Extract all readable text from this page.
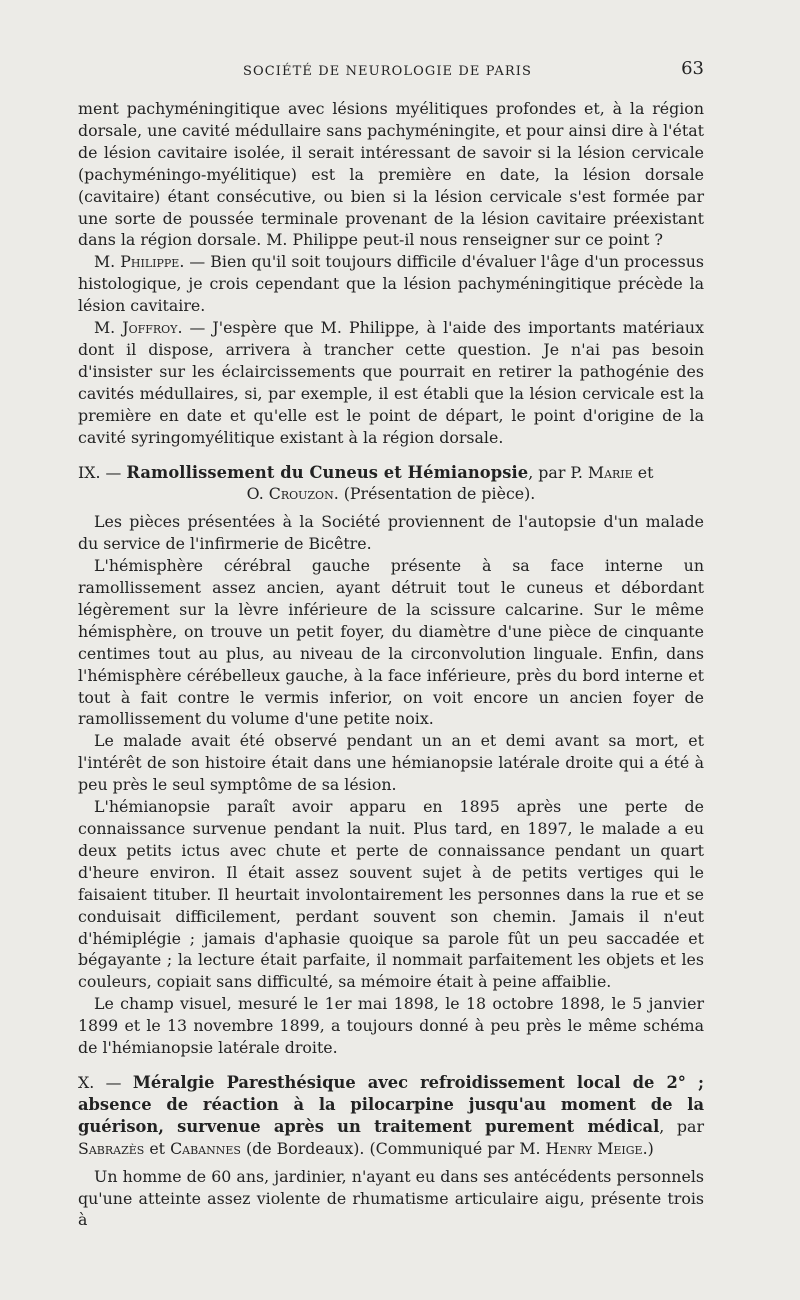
SOCIÉTÉ DE NEUROLOGIE DE PARIS	63

ment pachyméningitique avec lésions myélitiques profondes et, à la région dorsale, une cavité médullaire sans pachyméningite, et pour ainsi dire à l'état de lésion cavitaire isolée, il serait intéressant de savoir si la lésion cervicale (pachyméningo-myélitique) est la première en date, la lésion dorsale (cavitaire) étant consécutive, ou bien si la lésion cervicale s'est formée par une sorte de poussée terminale provenant de la lésion cavitaire préexistant dans la région dorsale. M. Philippe peut-il nous renseigner sur ce point ?

M. Philippe. — Bien qu'il soit toujours difficile d'évaluer l'âge d'un processus histologique, je crois cependant que la lésion pachyméningitique précède la lésion cavitaire.

M. Joffroy. — J'espère que M. Philippe, à l'aide des importants matériaux dont il dispose, arrivera à trancher cette question. Je n'ai pas besoin d'insister sur les éclaircissements que pourrait en retirer la pathogénie des cavités médullaires, si, par exemple, il est établi que la lésion cervicale est la première en date et qu'elle est le point de départ, le point d'origine de la cavité syringomyélitique existant à la région dorsale.

IX. — Ramollissement du Cuneus et Hémianopsie, par P. Marie et

O. Crouzon. (Présentation de pièce).

Les pièces présentées à la Société proviennent de l'autopsie d'un malade du service de l'infirmerie de Bicêtre.

L'hémisphère cérébral gauche présente à sa face interne un ramollissement assez ancien, ayant détruit tout le cuneus et débordant légèrement sur la lèvre inférieure de la scissure calcarine. Sur le même hémisphère, on trouve un petit foyer, du diamètre d'une pièce de cinquante centimes tout au plus, au niveau de la circonvolution linguale. Enfin, dans l'hémisphère cérébelleux gauche, à la face inférieure, près du bord interne et tout à fait contre le vermis inferior, on voit encore un ancien foyer de ramollissement du volume d'une petite noix.

Le malade avait été observé pendant un an et demi avant sa mort, et l'intérêt de son histoire était dans une hémianopsie latérale droite qui a été à peu près le seul symptôme de sa lésion.

L'hémianopsie paraît avoir apparu en 1895 après une perte de connaissance survenue pendant la nuit. Plus tard, en 1897, le malade a eu deux petits ictus avec chute et perte de connaissance pendant un quart d'heure environ. Il était assez souvent sujet à de petits vertiges qui le faisaient tituber. Il heurtait involontairement les personnes dans la rue et se conduisait difficilement, perdant souvent son chemin. Jamais il n'eut d'hémiplégie ; jamais d'aphasie quoique sa parole fût un peu saccadée et bégayante ; la lecture était parfaite, il nommait parfaitement les objets et les couleurs, copiait sans difficulté, sa mémoire était à peine affaiblie.

Le champ visuel, mesuré le 1er mai 1898, le 18 octobre 1898, le 5 janvier 1899 et le 13 novembre 1899, a toujours donné à peu près le même schéma de l'hémianopsie latérale droite.

X. — Méralgie Paresthésique avec refroidissement local de 2° ; absence de réaction à la pilocarpine jusqu'au moment de la guérison, survenue après un traitement purement médical, par Sabrazès et Cabannes (de Bordeaux). (Communiqué par M. Henry Meige.)

Un homme de 60 ans, jardinier, n'ayant eu dans ses antécédents personnels qu'une atteinte assez violente de rhumatisme articulaire aigu, présente trois à
